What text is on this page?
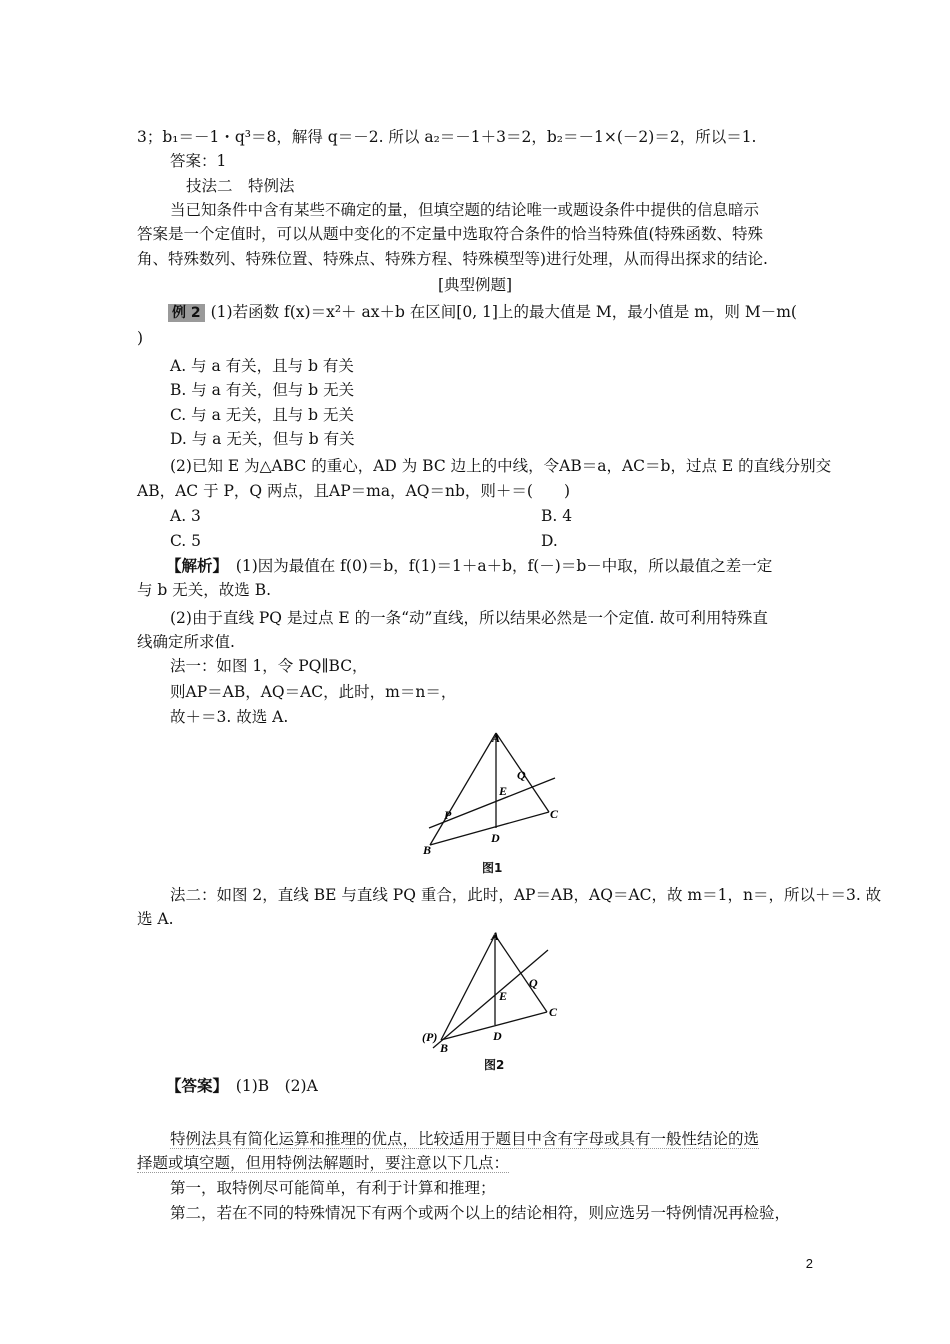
3；b₁＝－1・q³＝8，解得 q＝－2. 所以 a₂＝－1＋3＝2，b₂＝－1×(－2)＝2，所以＝1.
答案：1
技法二　特例法
当已知条件中含有某些不确定的量，但填空题的结论唯一或题设条件中提供的信息暗示
答案是一个定值时，可以从题中变化的不定量中选取符合条件的恰当特殊值(特殊函数、特殊
角、特殊数列、特殊位置、特殊点、特殊方程、特殊模型等)进行处理，从而得出探求的结论.
[典型例题]
例 2 (1)若函数 f(x)＝x²＋ ax＋b 在区间[0, 1]上的最大值是 M，最小值是 m，则 M－m(
)
A. 与 a 有关，且与 b 有关
B. 与 a 有关，但与 b 无关
C. 与 a 无关，且与 b 无关
D. 与 a 无关，但与 b 有关
(2)已知 E 为△ABC 的重心，AD 为 BC 边上的中线，令AB＝a，AC＝b，过点 E 的直线分别交
AB，AC 于 P，Q 两点，且AP＝ma，AQ＝nb，则＋＝(　　)
A. 3	B. 4
C. 5	D.
【解析】　 (1)因为最值在 f(0)＝b，f(1)＝1＋a＋b，f(－)＝b－中取，所以最值之差一定
与 b 无关，故选 B.
(2)由于直线 PQ 是过点 E 的一条“动”直线，所以结果必然是一个定值. 故可利用特殊直
线确定所求值.
法一：如图 1，令 PQ∥BC，
则AP＝AB，AQ＝AC，此时，m＝n＝，
故＋＝3. 故选 A.
A
B
C
D
E
P
Q
图1
法二：如图 2，直线 BE 与直线 PQ 重合，此时，AP＝AB，AQ＝AC，故 m＝1，n＝，所以＋＝3. 故
选 A.
A
B
C
D
E
(P)
Q
图2
【答案】　 (1)B　(2)A
特例法具有简化运算和推理的优点，比较适用于题目中含有字母或具有一般性结论的选
择题或填空题，但用特例法解题时，要注意以下几点：
第一，取特例尽可能简单，有利于计算和推理；
第二，若在不同的特殊情况下有两个或两个以上的结论相符，则应选另一特例情况再检验，
2
